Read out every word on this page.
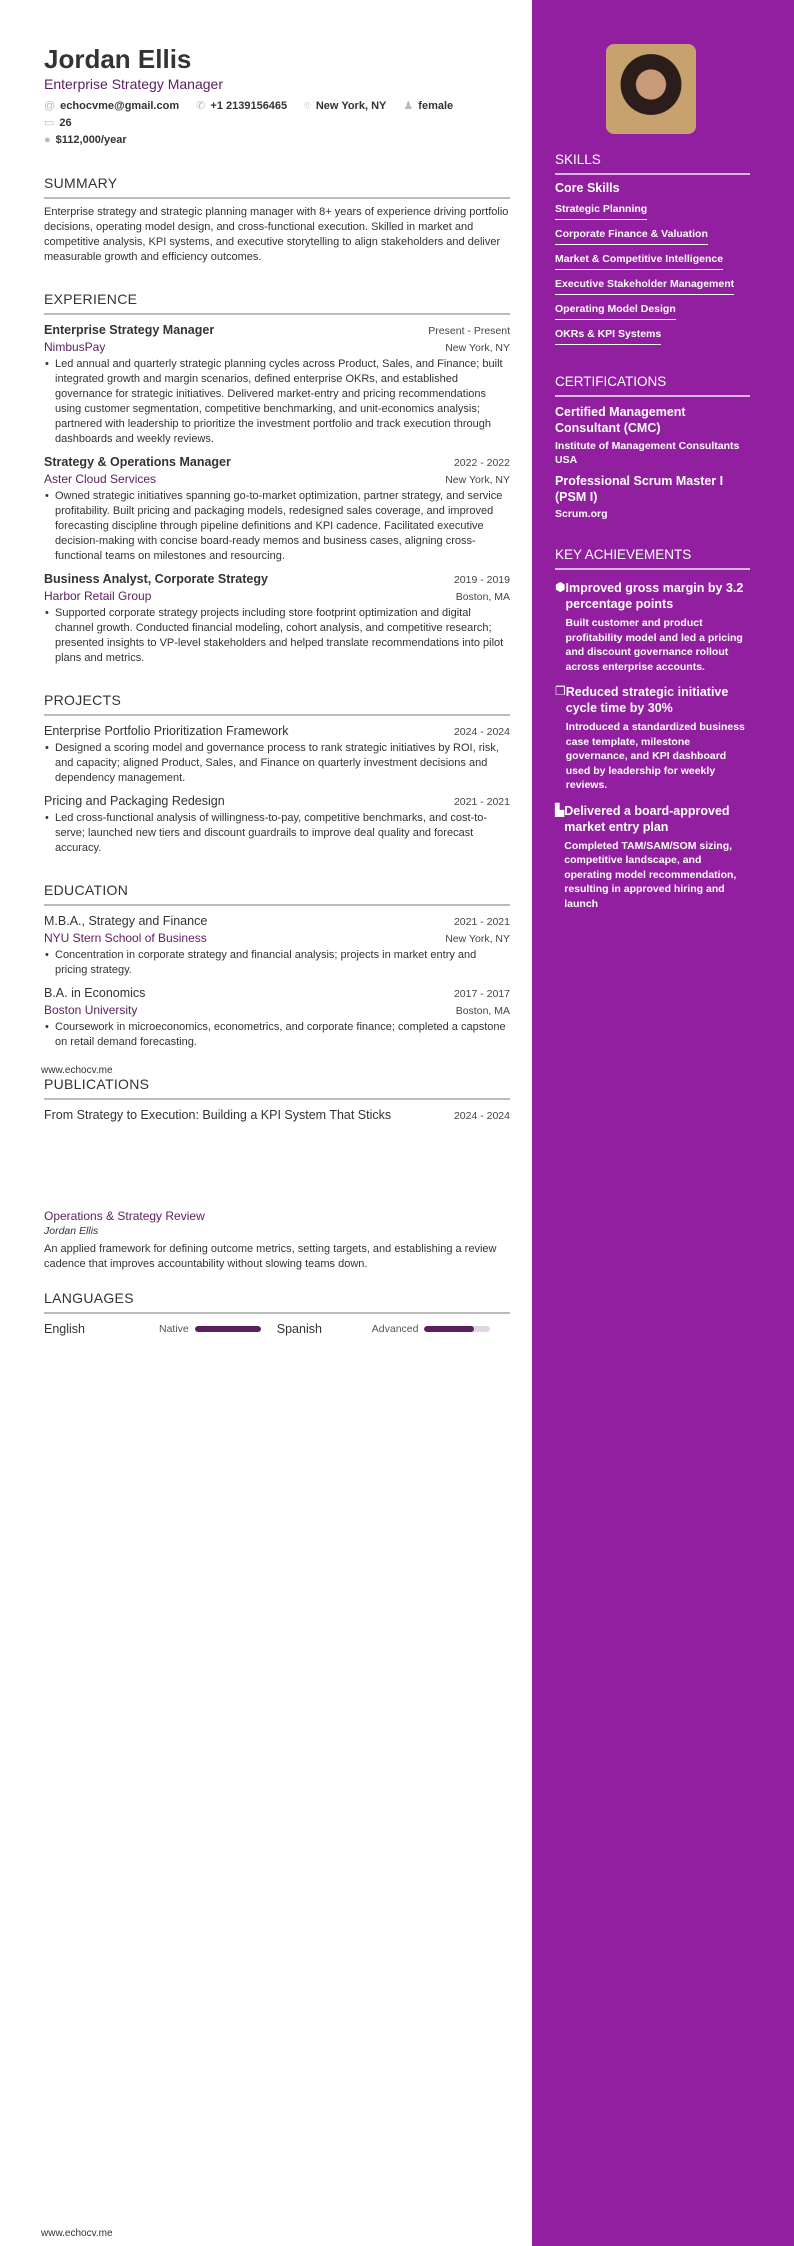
Jordan Ellis
Enterprise Strategy Manager
@ echocvme@gmail.com ✆ +1 2139156465 ⌾ New York, NY ♟ female ▭ 26
● $112,000/year
SUMMARY
Enterprise strategy and strategic planning manager with 8+ years of experience driving portfolio decisions, operating model design, and cross-functional execution. Skilled in market and competitive analysis, KPI systems, and executive storytelling to align stakeholders and deliver measurable growth and efficiency outcomes.
EXPERIENCE
Enterprise Strategy Manager	Present - Present
NimbusPay	New York, NY
• Led annual and quarterly strategic planning cycles across Product, Sales, and Finance; built integrated growth and margin scenarios, defined enterprise OKRs, and established governance for strategic initiatives. Delivered market-entry and pricing recommendations using customer segmentation, competitive benchmarking, and unit-economics analysis; partnered with leadership to prioritize the investment portfolio and track execution through dashboards and weekly reviews.
Strategy & Operations Manager	2022 - 2022
Aster Cloud Services	New York, NY
• Owned strategic initiatives spanning go-to-market optimization, partner strategy, and service profitability. Built pricing and packaging models, redesigned sales coverage, and improved forecasting discipline through pipeline definitions and KPI cadence. Facilitated executive decision-making with concise board-ready memos and business cases, aligning cross-functional teams on milestones and resourcing.
Business Analyst, Corporate Strategy	2019 - 2019
Harbor Retail Group	Boston, MA
• Supported corporate strategy projects including store footprint optimization and digital channel growth. Conducted financial modeling, cohort analysis, and competitive research; presented insights to VP-level stakeholders and helped translate recommendations into pilot plans and metrics.
PROJECTS
Enterprise Portfolio Prioritization Framework	2024 - 2024
• Designed a scoring model and governance process to rank strategic initiatives by ROI, risk, and capacity; aligned Product, Sales, and Finance on quarterly investment decisions and dependency management.
Pricing and Packaging Redesign	2021 - 2021
• Led cross-functional analysis of willingness-to-pay, competitive benchmarks, and cost-to-serve; launched new tiers and discount guardrails to improve deal quality and forecast accuracy.
EDUCATION
M.B.A., Strategy and Finance	2021 - 2021
NYU Stern School of Business	New York, NY
• Concentration in corporate strategy and financial analysis; projects in market entry and pricing strategy.
B.A. in Economics	2017 - 2017
Boston University	Boston, MA
• Coursework in microeconomics, econometrics, and corporate finance; completed a capstone on retail demand forecasting.
PUBLICATIONS
From Strategy to Execution: Building a KPI System That Sticks	2024 - 2024
Operations & Strategy Review
Jordan Ellis
An applied framework for defining outcome metrics, setting targets, and establishing a review cadence that improves accountability without slowing teams down.
LANGUAGES
English	Native	Spanish	Advanced
www.echocv.me
www.echocv.me
SKILLS
Core Skills
Strategic Planning
Corporate Finance & Valuation
Market & Competitive Intelligence
Executive Stakeholder Management
Operating Model Design
OKRs & KPI Systems
CERTIFICATIONS
Certified Management Consultant (CMC)
Institute of Management Consultants USA
Professional Scrum Master I (PSM I)
Scrum.org
KEY ACHIEVEMENTS
⬢ Improved gross margin by 3.2 percentage points
Built customer and product profitability model and led a pricing and discount governance rollout across enterprise accounts.
❐ Reduced strategic initiative cycle time by 30%
Introduced a standardized business case template, milestone governance, and KPI dashboard used by leadership for weekly reviews.
▙ Delivered a board-approved market entry plan
Completed TAM/SAM/SOM sizing, competitive landscape, and operating model recommendation, resulting in approved hiring and launch
